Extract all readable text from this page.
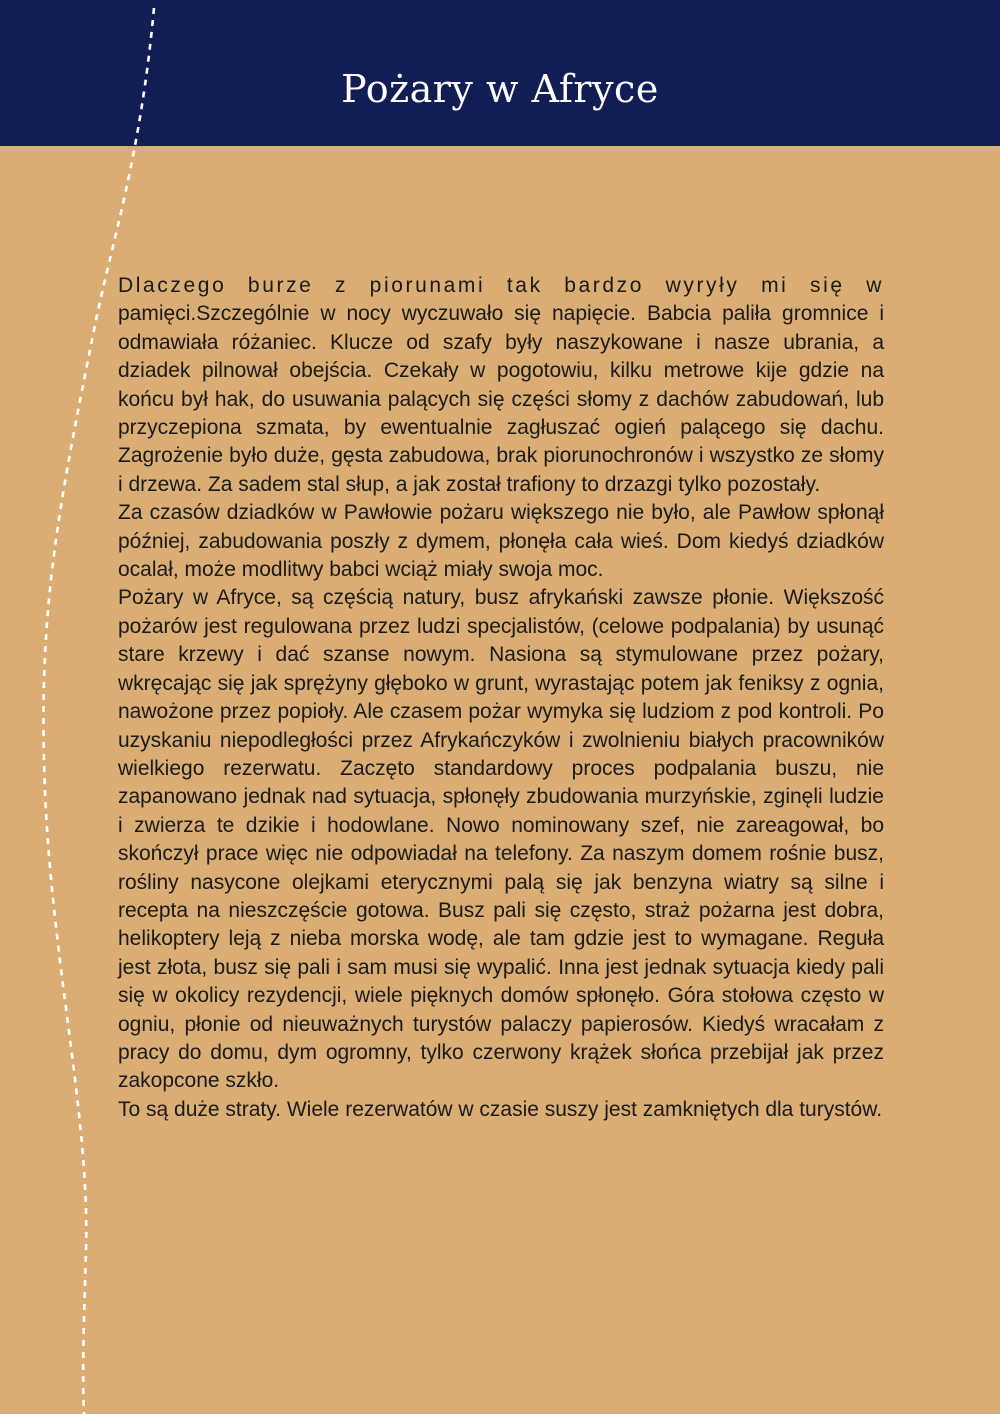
Pożary w Afryce

Dlaczego burze z piorunami tak bardzo wyryły mi się w pamięci.Szczególnie w nocy wyczuwało się napięcie. Babcia paliła gromnice i odmawiała różaniec. Klucze od szafy były naszykowane i nasze ubrania, a dziadek pilnował obejścia. Czekały w pogotowiu, kilku metrowe kije gdzie na końcu był hak, do usuwania palących się części słomy z dachów zabudowań, lub przyczepiona szmata, by ewentualnie zagłuszać ogień palącego się dachu. Zagrożenie było duże, gęsta zabudowa, brak piorunochronów i wszystko ze słomy i drzewa. Za sadem stal słup, a jak został trafiony to drzazgi tylko pozostały.

Za czasów dziadków w Pawłowie pożaru większego nie było, ale Pawłow spłonął później, zabudowania poszły z dymem, płonęła cała wieś. Dom kiedyś dziadków ocalał, może modlitwy babci wciąż miały swoja moc.

Pożary w Afryce, są częścią natury, busz afrykański zawsze płonie. Większość pożarów jest regulowana przez ludzi specjalistów, (celowe podpalania) by usunąć stare krzewy i dać szanse nowym. Nasiona są stymulowane przez pożary, wkręcając się jak sprężyny głęboko w grunt, wyrastając potem jak feniksy z ognia, nawożone przez popioły. Ale czasem pożar wymyka się ludziom z pod kontroli. Po uzyskaniu niepodległości przez Afrykańczyków i zwolnieniu białych pracowników wielkiego rezerwatu. Zaczęto standardowy proces podpalania buszu, nie zapanowano jednak nad sytuacja, spłonęły zbudowania murzyńskie, zginęli ludzie i zwierza te dzikie i hodowlane. Nowo nominowany szef, nie zareagował, bo skończył prace więc nie odpowiadał na telefony. Za naszym domem rośnie busz, rośliny nasycone olejkami eterycznymi palą się jak benzyna wiatry są silne i recepta na nieszczęście gotowa. Busz pali się często, straż pożarna jest dobra, helikoptery leją z nieba morska wodę, ale tam gdzie jest to wymagane. Reguła jest złota, busz się pali i sam musi się wypalić. Inna jest jednak sytuacja kiedy pali się w okolicy rezydencji, wiele pięknych domów spłonęło. Góra stołowa często w ogniu, płonie od nieuważnych turystów palaczy papierosów. Kiedyś wracałam z pracy do domu, dym ogromny, tylko czerwony krążek słońca przebijał jak przez zakopcone szkło.

To są duże straty. Wiele rezerwatów w czasie suszy jest zamkniętych dla turystów.
